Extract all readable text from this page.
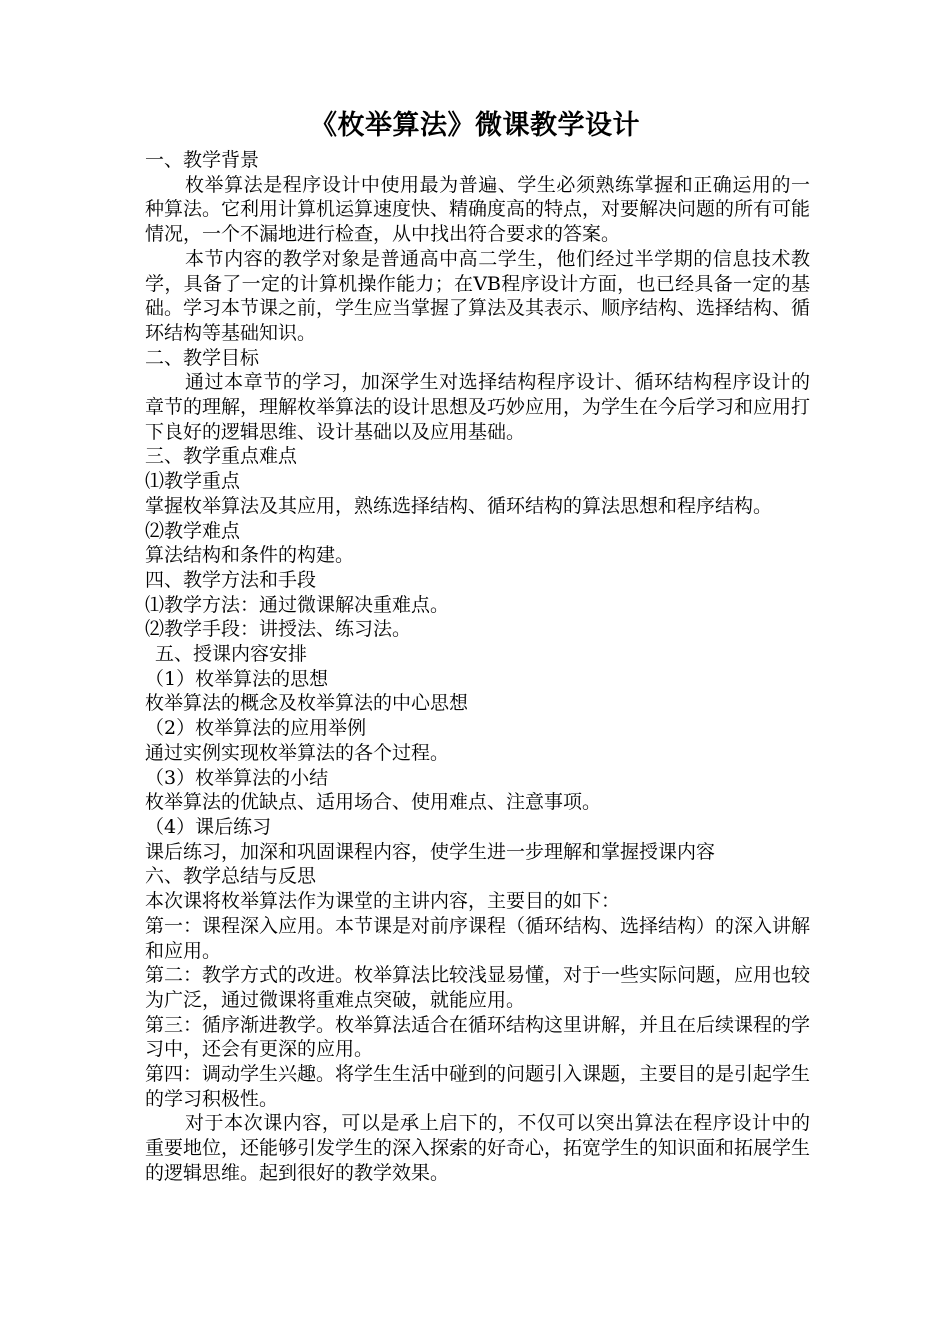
《枚举算法》微课教学设计

一、教学背景

枚举算法是程序设计中使用最为普遍、学生必须熟练掌握和正确运用的一种算法。它利用计算机运算速度快、精确度高的特点，对要解决问题的所有可能情况，一个不漏地进行检查，从中找出符合要求的答案。

本节内容的教学对象是普通高中高二学生，他们经过半学期的信息技术教学，具备了一定的计算机操作能力；在VB程序设计方面，也已经具备一定的基础。学习本节课之前，学生应当掌握了算法及其表示、顺序结构、选择结构、循环结构等基础知识。

二、教学目标

通过本章节的学习，加深学生对选择结构程序设计、循环结构程序设计的章节的理解，理解枚举算法的设计思想及巧妙应用，为学生在今后学习和应用打下良好的逻辑思维、设计基础以及应用基础。

三、教学重点难点

⑴教学重点

掌握枚举算法及其应用，熟练选择结构、循环结构的算法思想和程序结构。

⑵教学难点

算法结构和条件的构建。

四、教学方法和手段

⑴教学方法：通过微课解决重难点。

⑵教学手段：讲授法、练习法。

五、授课内容安排

（1）枚举算法的思想

枚举算法的概念及枚举算法的中心思想

（2）枚举算法的应用举例

通过实例实现枚举算法的各个过程。

（3）枚举算法的小结

枚举算法的优缺点、适用场合、使用难点、注意事项。

（4）课后练习

课后练习，加深和巩固课程内容，使学生进一步理解和掌握授课内容

六、教学总结与反思

本次课将枚举算法作为课堂的主讲内容，主要目的如下：

第一：课程深入应用。本节课是对前序课程（循环结构、选择结构）的深入讲解和应用。

第二：教学方式的改进。枚举算法比较浅显易懂，对于一些实际问题，应用也较为广泛，通过微课将重难点突破，就能应用。

第三：循序渐进教学。枚举算法适合在循环结构这里讲解，并且在后续课程的学习中，还会有更深的应用。

第四：调动学生兴趣。将学生生活中碰到的问题引入课题，主要目的是引起学生的学习积极性。

对于本次课内容，可以是承上启下的，不仅可以突出算法在程序设计中的重要地位，还能够引发学生的深入探索的好奇心，拓宽学生的知识面和拓展学生的逻辑思维。起到很好的教学效果。
